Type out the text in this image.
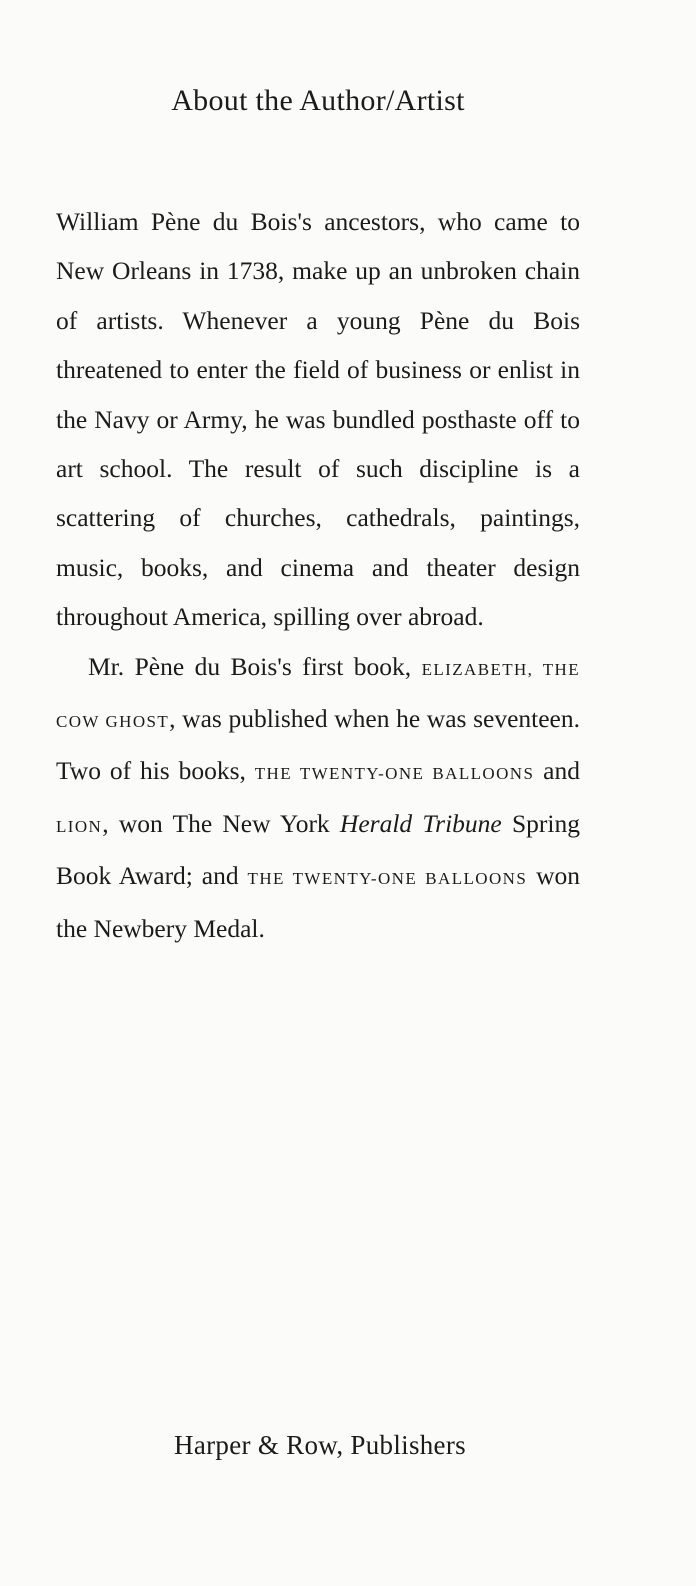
About the Author/Artist

William Pène du Bois's ancestors, who came to New Orleans in 1738, make up an unbroken chain of artists. Whenever a young Pène du Bois threatened to enter the field of business or enlist in the Navy or Army, he was bundled posthaste off to art school. The result of such discipline is a scattering of churches, cathedrals, paintings, music, books, and cinema and theater design throughout America, spilling over abroad.

Mr. Pène du Bois's first book, ELIZABETH, THE COW GHOST, was published when he was seventeen. Two of his books, THE TWENTY-ONE BALLOONS and LION, won The New York Herald Tribune Spring Book Award; and THE TWENTY-ONE BALLOONS won the Newbery Medal.

Harper & Row, Publishers
